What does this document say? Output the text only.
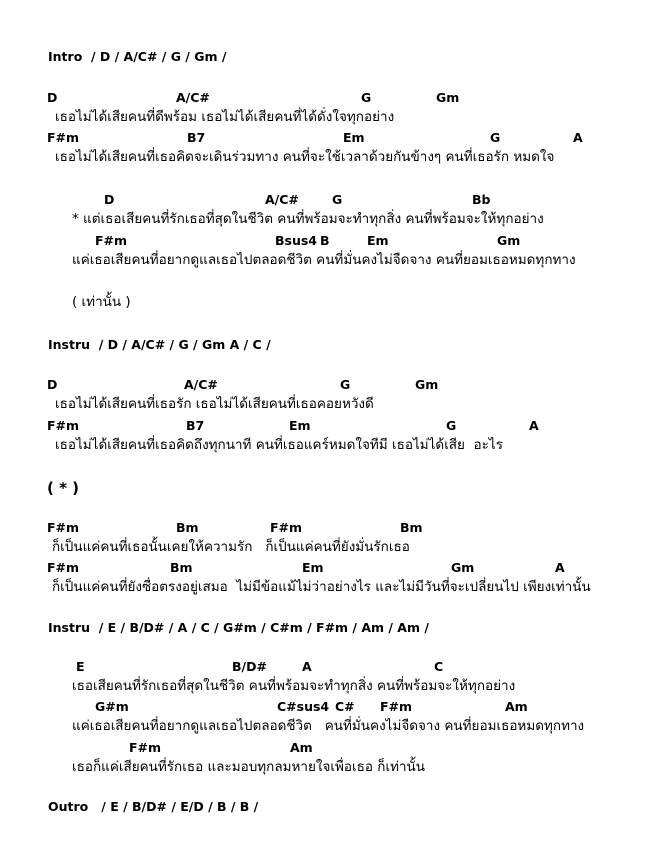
Intro  / D / A/C# / G / Gm /
D	A/C#	G	Gm
เธอไม่ได้เสียคนที่ดีพร้อม เธอไม่ได้เสียคนที่ได้ดั่งใจทุกอย่าง
F#m	B7	Em	G	A
เธอไม่ได้เสียคนที่เธอคิดจะเดินร่วมทาง คนที่จะใช้เวลาด้วยกันข้างๆ คนที่เธอรัก หมดใจ
D	A/C#	G	Bb
* แต่เธอเสียคนที่รักเธอที่สุดในชีวิต คนที่พร้อมจะทำทุกสิ่ง คนที่พร้อมจะให้ทุกอย่าง
F#m	Bsus4 B	Em	Gm
แค่เธอเสียคนที่อยากดูแลเธอไปตลอดชีวิต คนที่มั่นคงไม่จืดจาง คนที่ยอมเธอหมดทุกทาง
( เท่านั้น )
Instru  / D / A/C# / G / Gm A / C /
D	A/C#	G	Gm
เธอไม่ได้เสียคนที่เธอรัก เธอไม่ได้เสียคนที่เธอคอยหวังดี
F#m	B7	Em	G	A
เธอไม่ได้เสียคนที่เธอคิดถึงทุกนาที คนที่เธอแคร์หมดใจทีมี เธอไม่ได้เสีย  อะไร
( * )
F#m	Bm	F#m	Bm
ก็เป็นแค่คนที่เธอนั้นเคยให้ความรัก   ก็เป็นแค่คนที่ยังมั่นรักเธอ
F#m	Bm	Em	Gm	A
ก็เป็นแค่คนที่ยังซื่อตรงอยู่เสมอ  ไม่มีข้อแม้ไม่ว่าอย่างไร และไม่มีวันที่จะเปลี่ยนไป เพียงเท่านั้น
Instru  / E / B/D# / A / C / G#m / C#m / F#m / Am / Am /
E	B/D#	A	C
เธอเสียคนที่รักเธอที่สุดในชีวิต คนที่พร้อมจะทำทุกสิ่ง คนที่พร้อมจะให้ทุกอย่าง
G#m	C#sus4 C# F#m	Am
แค่เธอเสียคนที่อยากดูแลเธอไปตลอดชีวิต   คนที่มั่นคงไม่จืดจาง คนที่ยอมเธอหมดทุกทาง
F#m	Am
เธอก็แค่เสียคนที่รักเธอ และมอบทุกลมหายใจเพื่อเธอ ก็เท่านั้น
Outro   / E / B/D# / E/D / B / B /
